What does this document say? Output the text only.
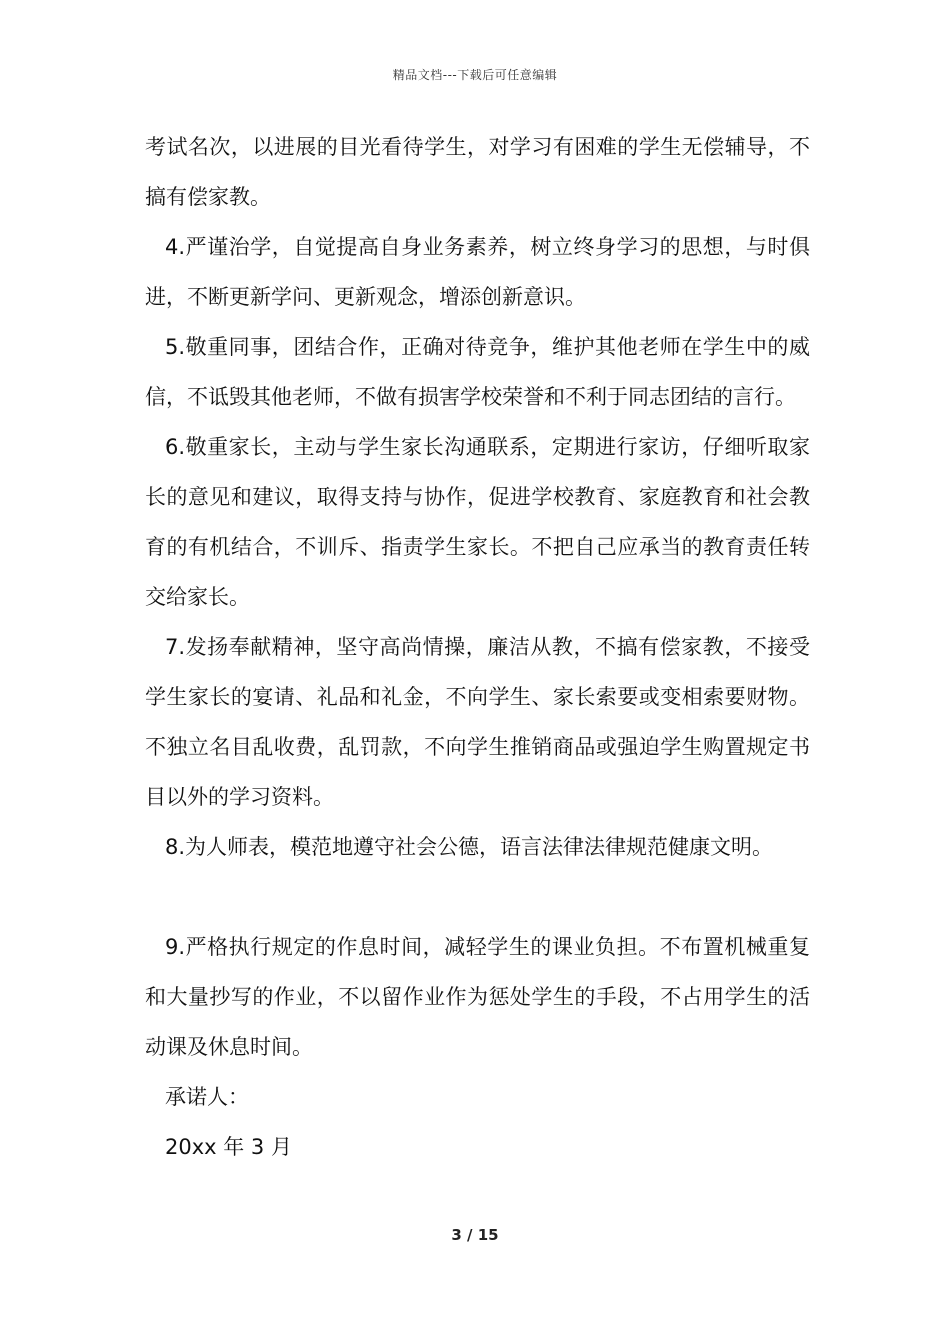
精品文档---下载后可任意编辑

考试名次，以进展的目光看待学生，对学习有困难的学生无偿辅导，不搞有偿家教。

4.严谨治学，自觉提高自身业务素养，树立终身学习的思想，与时俱进，不断更新学问、更新观念，增添创新意识。

5.敬重同事，团结合作，正确对待竞争，维护其他老师在学生中的威信，不诋毁其他老师，不做有损害学校荣誉和不利于同志团结的言行。

6.敬重家长，主动与学生家长沟通联系，定期进行家访，仔细听取家长的意见和建议，取得支持与协作，促进学校教育、家庭教育和社会教育的有机结合，不训斥、指责学生家长。不把自己应承当的教育责任转交给家长。

7.发扬奉献精神，坚守高尚情操，廉洁从教，不搞有偿家教，不接受学生家长的宴请、礼品和礼金，不向学生、家长索要或变相索要财物。不独立名目乱收费，乱罚款，不向学生推销商品或强迫学生购置规定书目以外的学习资料。

8.为人师表，模范地遵守社会公德，语言法律法律规范健康文明。

9.严格执行规定的作息时间，减轻学生的课业负担。不布置机械重复和大量抄写的作业，不以留作业作为惩处学生的手段，不占用学生的活动课及休息时间。

承诺人：

20xx 年 3 月

3 / 15
